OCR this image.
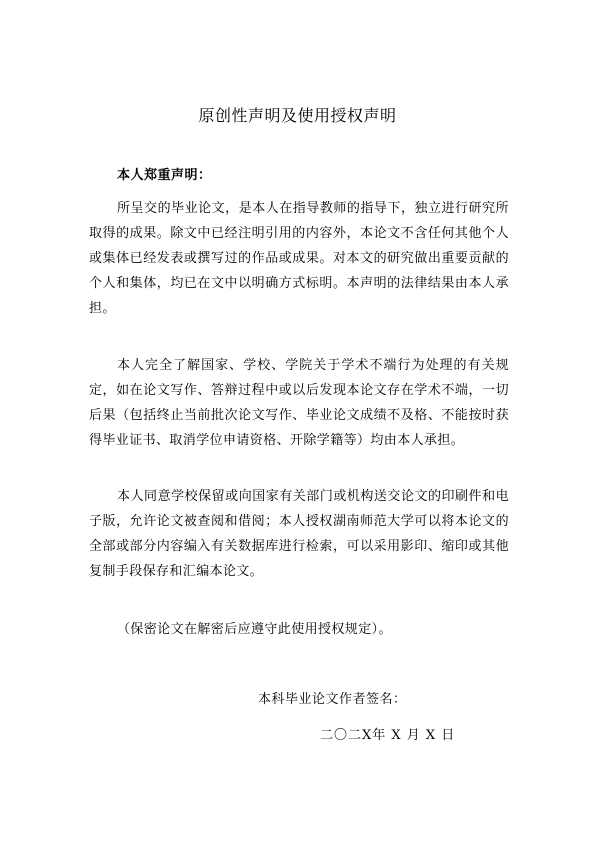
原创性声明及使用授权声明
本人郑重声明：
所呈交的毕业论文，是本人在指导教师的指导下，独立进行研究所取得的成果。除文中已经注明引用的内容外，本论文不含任何其他个人或集体已经发表或撰写过的作品或成果。对本文的研究做出重要贡献的个人和集体，均已在文中以明确方式标明。本声明的法律结果由本人承担。
本人完全了解国家、学校、学院关于学术不端行为处理的有关规定，如在论文写作、答辩过程中或以后发现本论文存在学术不端，一切后果（包括终止当前批次论文写作、毕业论文成绩不及格、不能按时获得毕业证书、取消学位申请资格、开除学籍等）均由本人承担。
本人同意学校保留或向国家有关部门或机构送交论文的印刷件和电子版，允许论文被查阅和借阅；本人授权湖南师范大学可以将本论文的全部或部分内容编入有关数据库进行检索，可以采用影印、缩印或其他复制手段保存和汇编本论文。
（保密论文在解密后应遵守此使用授权规定）。
本科毕业论文作者签名：
二〇二X年 X 月 X 日
